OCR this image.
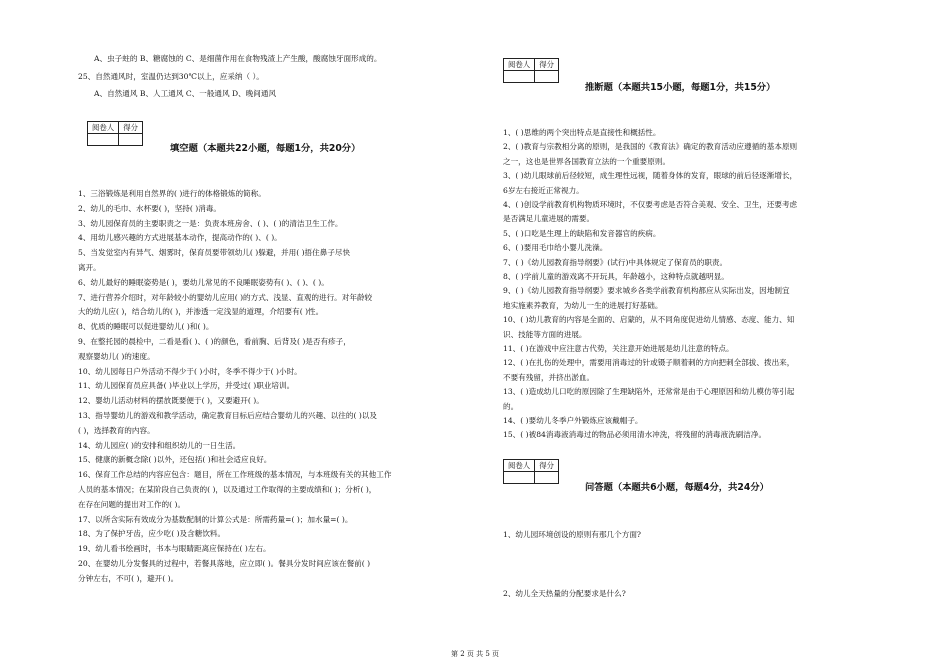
A、虫子蛀的 B、糖腐蚀的 C、是细菌作用在食物残渣上产生酸，酸腐蚀牙面形成的。
25、自然通风时，室温仍达到30℃以上，应采纳（ ）。
A、自然通风 B、人工通风 C、一般通风 D、晚间通风
阅卷人	得分

填空题（本题共22小题，每题1分，共20分）
1、三浴锻炼是利用自然界的( )进行的体格锻炼的简称。
2、幼儿的毛巾、水杯要( )，坚持( )消毒。
3、幼儿园保育员的主要职责之一是：负责本班房舍、( )、( )的清洁卫生工作。
4、用幼儿感兴趣的方式进展基本动作，提高动作的( )、( )。
5、当发觉室内有异气、烟雾时，保育员要带领幼儿( )躲避，并用( )捂住鼻子尽快
离开。
6、幼儿最好的睡眠姿势是( )，要幼儿常见的不良睡眠姿势有( )、( )、( )。
7、进行营养介绍时，对年龄较小的婴幼儿应用( )的方式、浅显、直观的进行。对年龄较
大的幼儿应( )，结合幼儿的( )，并渗透一定浅显的道理，介绍要有( )性。
8、优质的睡眠可以促进婴幼儿( )和( )。
9、在整托园的晨检中，二看是看( )、( )的颜色，看前胸、后背及( )是否有疹子，
观察婴幼儿( )的速度。
10、幼儿园每日户外活动不得少于( )小时，冬季不得少于( )小时。
11、幼儿园保育员应具备( )毕业以上学历，并受过( )职业培训。
12、婴幼儿活动材料的摆放既要便于( )，又要避开( )。
13、指导婴幼儿的游戏和教学活动，确定教育目标后应结合婴幼儿的兴趣、以往的( )以及
( )，选择教育的内容。
14、幼儿园应( )的安排和组织幼儿的一日生活。
15、健康的新概念除( )以外，还包括( )和社会适应良好。
16、保育工作总结的内容应包含：题目，所在工作班级的基本情况，与本班级有关的其他工作
人员的基本情况；在某阶段自己负责的( )，以及通过工作取得的主要成绩和( )；分析( )，
在存在问题的提出对工作的( )。
17、以所含实际有效成分为基数配制的计算公式是：所需药量=( )；加水量=( )。
18、为了保护牙齿，应少吃( )及含糖饮料。
19、幼儿看书绘画时，书本与眼睛距离应保持在( )左右。
20、在婴幼儿分发餐具的过程中，若餐具落地，应立即( )。餐具分发时间应该在餐前( )
分钟左右，不可( )，避开( )。
阅卷人	得分

推断题（本题共15小题，每题1分，共15分）
1、( )思维的两个突出特点是直接性和概括性。
2、( )教育与宗教相分离的原则，是我国的《教育法》确定的教育活动应遵循的基本原则
之一，这也是世界各国教育立法的一个重要原则。
3、( )幼儿眼球前后径较短，成生理性远视，随着身体的发育，眼球的前后径逐渐增长，
6岁左右接近正常视力。
4、( )创设学前教育机构物质环境时，不仅要考虑是否符合美观、安全、卫生，还要考虑
是否满足儿童进展的需要。
5、( )口吃是生理上的缺陷和发音器官的疾病。
6、( )要用毛巾给小婴儿洗澡。
7、( )《幼儿园教育指导纲要》(试行)中具体规定了保育员的职责。
8、( )学前儿童的游戏离不开玩具，年龄越小，这种特点就越明显。
9、( )《幼儿园教育指导纲要》要求城乡各类学前教育机构都应从实际出发，因地制宜
地实施素养教育，为幼儿一生的进展打好基础。
10、( )幼儿教育的内容是全面的、启蒙的，从不同角度促进幼儿情感、态度、能力、知
识、技能等方面的进展。
11、( )在游戏中应注意古代势，关注意开始进展是幼儿注意的特点。
12、( )在扎伤的处理中，需要用消毒过的针或镊子顺着刺的方向把刺全部拔、拨出来，
不要有残留，并挤出淤血。
13、( )造成幼儿口吃的原因除了生理缺陷外，还常常是由于心理原因和幼儿模仿等引起
的。
14、( )要幼儿冬季户外锻炼应该戴帽子。
15、( )被84消毒液消毒过的物品必须用清水冲洗，将残留的消毒液洗刷洁净。
阅卷人	得分

问答题（本题共6小题，每题4分，共24分）
1、幼儿园环境创设的原则有那几个方面?
2、幼儿全天热量的分配要求是什么?
第 2 页 共 5 页
